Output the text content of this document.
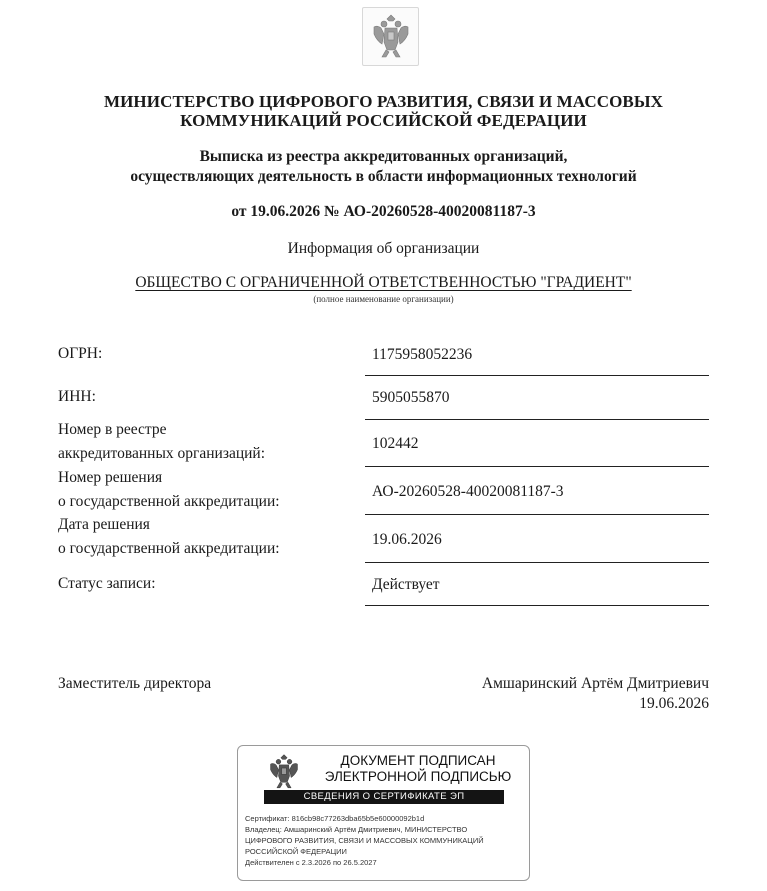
МИНИСТЕРСТВО ЦИФРОВОГО РАЗВИТИЯ, СВЯЗИ И МАССОВЫХ
КОММУНИКАЦИЙ РОССИЙСКОЙ ФЕДЕРАЦИИ
Выписка из реестра аккредитованных организаций,
осуществляющих деятельность в области информационных технологий
от 19.06.2026 № АО-20260528-40020081187-3
Информация об организации
ОБЩЕСТВО С ОГРАНИЧЕННОЙ ОТВЕТСТВЕННОСТЬЮ "ГРАДИЕНТ"
(полное наименование организации)
ОГРН:	1175958052236
ИНН:	5905055870
Номер в реестре
аккредитованных организаций:
102442
Номер решения
о государственной аккредитации:
АО-20260528-40020081187-3
Дата решения
о государственной аккредитации:
19.06.2026
Статус записи:	Действует
Заместитель директора	Амшаринский Артём Дмитриевич
19.06.2026
ДОКУМЕНТ ПОДПИСАН
ЭЛЕКТРОННОЙ ПОДПИСЬЮ
СВЕДЕНИЯ О СЕРТИФИКАТЕ ЭП
Сертификат: 816cb98c77263dba65b5e60000092b1d
Владелец: Амшаринский Артём Дмитриевич, МИНИСТЕРСТВО
ЦИФРОВОГО РАЗВИТИЯ, СВЯЗИ И МАССОВЫХ КОММУНИКАЦИЙ
РОССИЙСКОЙ ФЕДЕРАЦИИ
Действителен с 2.3.2026 по 26.5.2027
